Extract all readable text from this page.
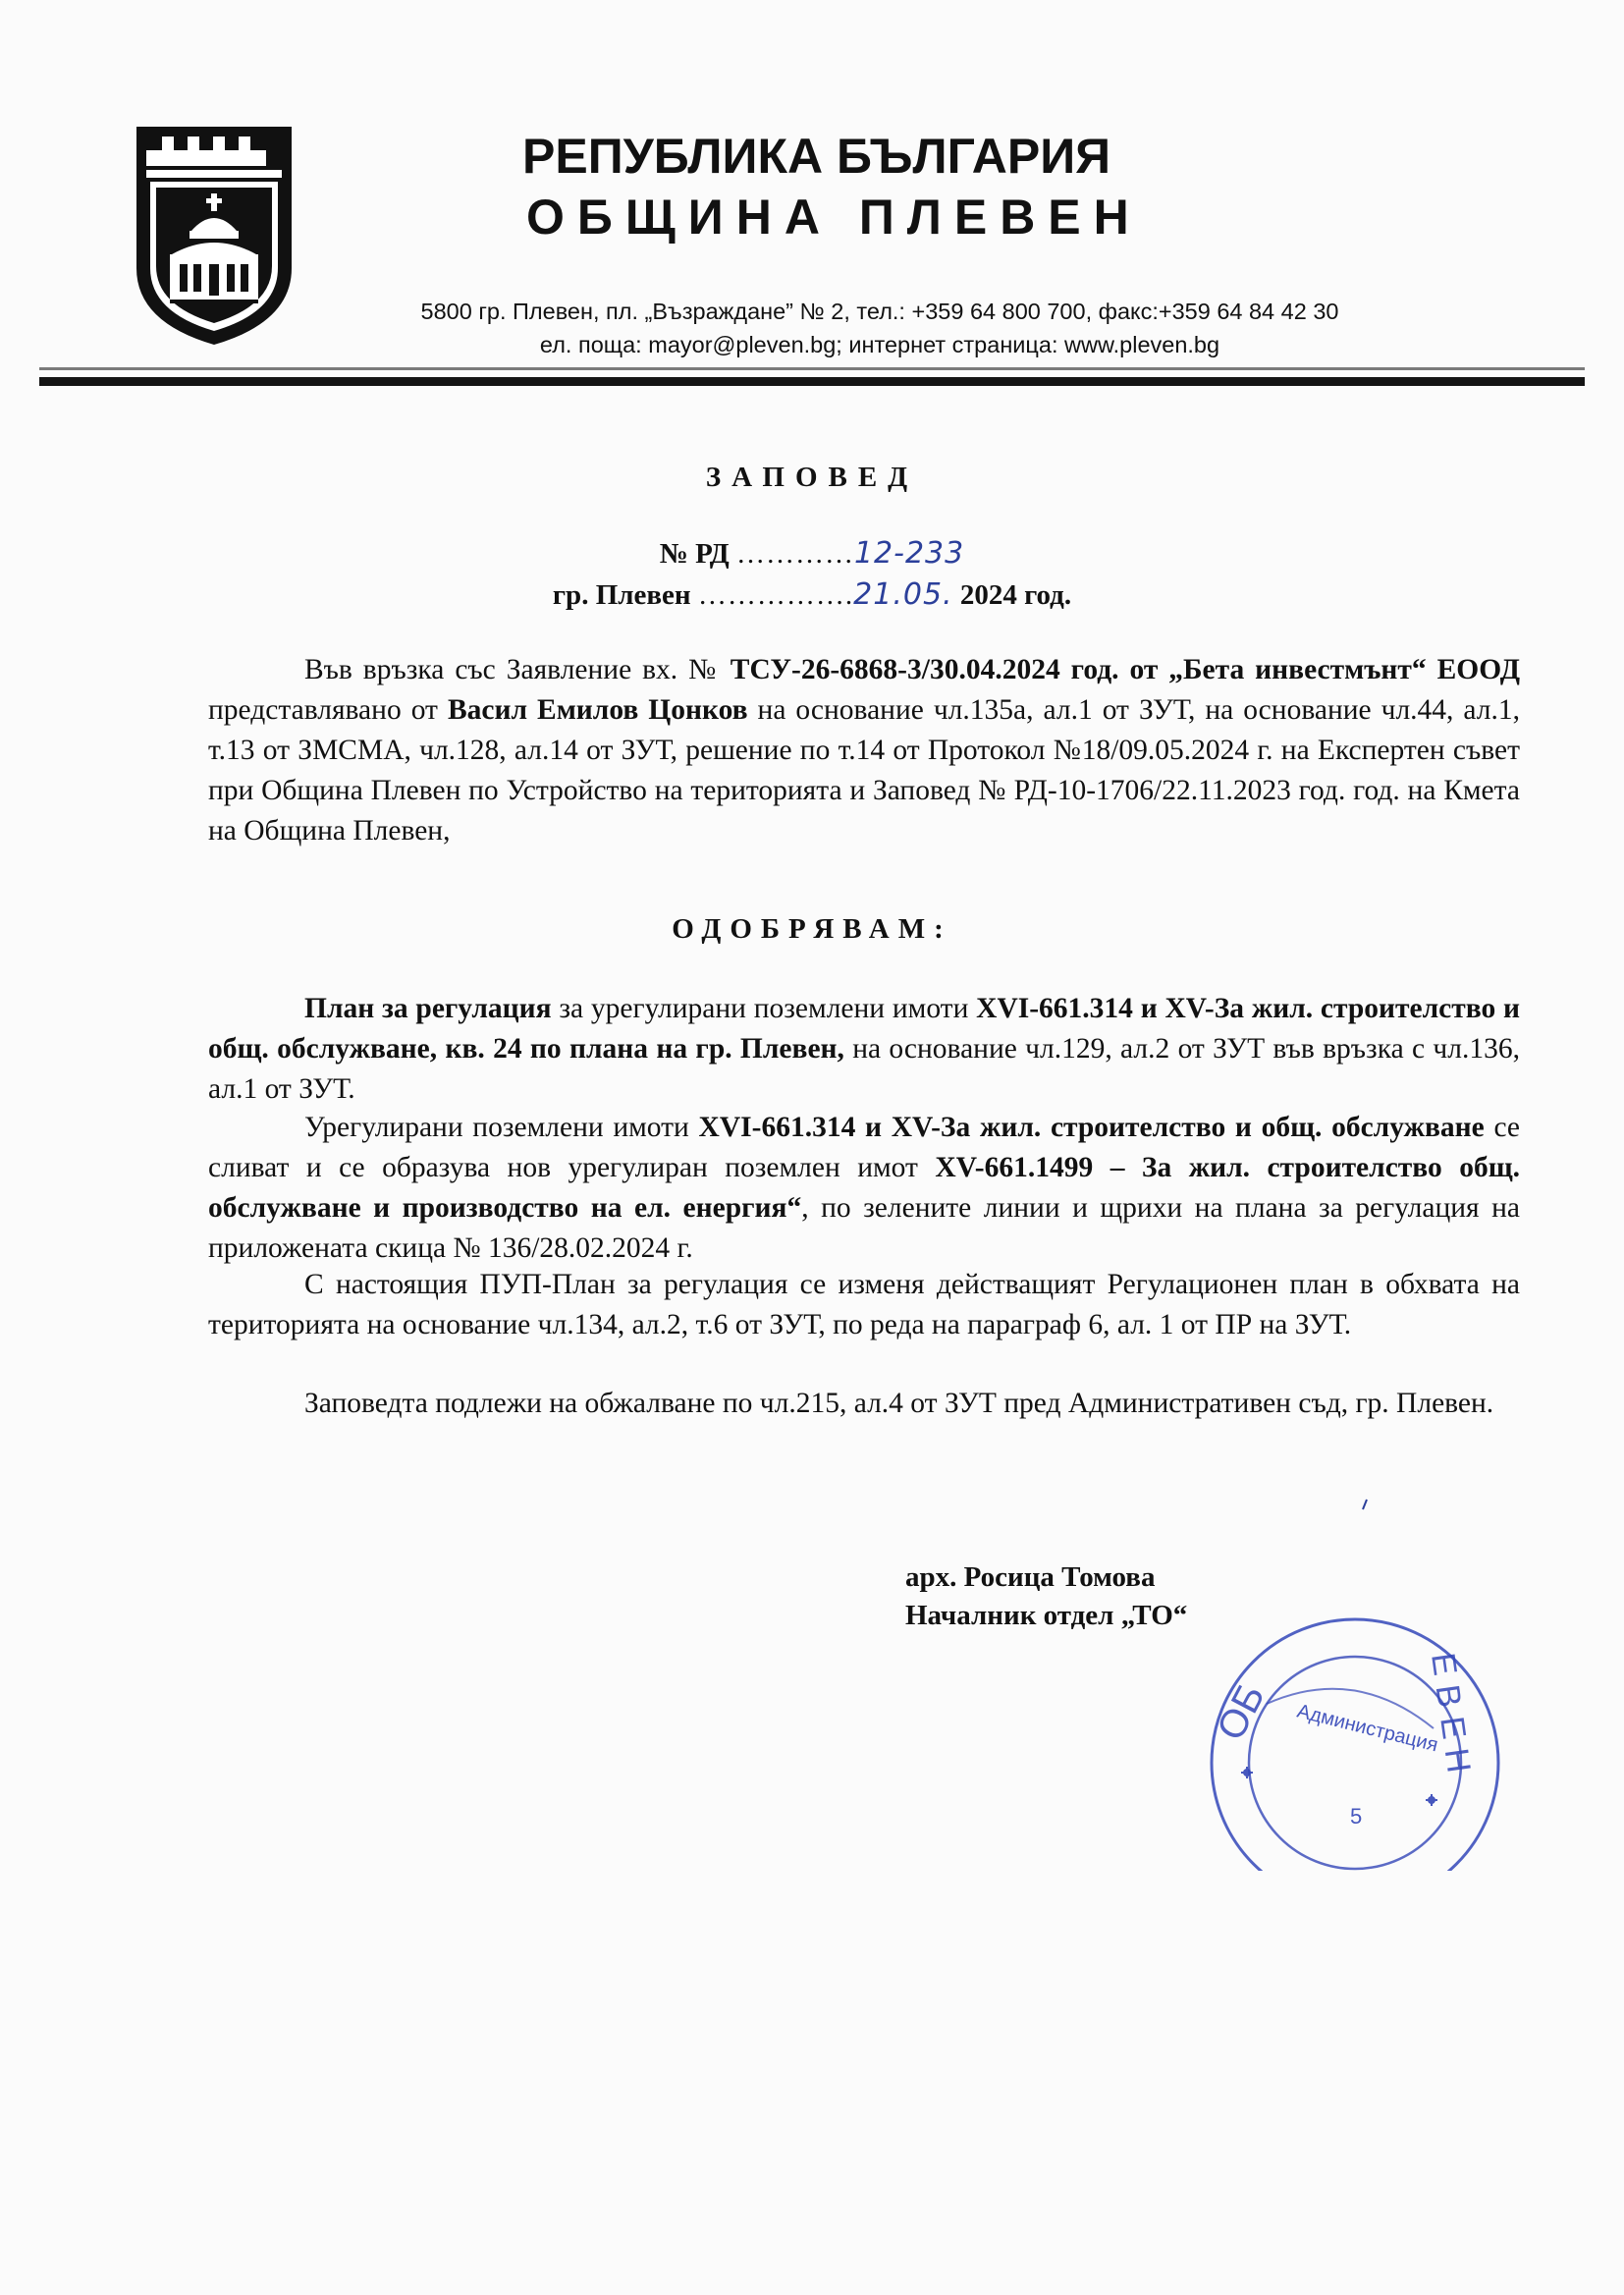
РЕПУБЛИКА БЪЛГАРИЯ
ОБЩИНА ПЛЕВЕН
5800 гр. Плевен, пл. „Възраждане” № 2, тел.: +359 64 800 700, факс:+359 64 84 42 30
ел. поща: mayor@pleven.bg; интернет страница: www.pleven.bg
ЗАПОВЕД
№ РД …………12-233
гр. Плевен …………….21.05. 2024 год.
Във връзка със Заявление вх. № ТСУ-26-6868-3/30.04.2024 год. от „Бета инвестмънт“ ЕООД представлявано от Васил Емилов Цонков на основание чл.135а, ал.1 от ЗУТ, на основание чл.44, ал.1, т.13 от ЗМСМА, чл.128, ал.14 от ЗУТ, решение по т.14 от Протокол №18/09.05.2024 г. на Експертен съвет при Община Плевен по Устройство на територията и Заповед № РД-10-1706/22.11.2023 год. год. на Кмета на Община Плевен,
ОДОБРЯВАМ:
План за регулация за урегулирани поземлени имоти XVI-661.314 и XV-За жил. строителство и общ. обслужване, кв. 24 по плана на гр. Плевен, на основание чл.129, ал.2 от ЗУТ във връзка с чл.136, ал.1 от ЗУТ.
Урегулирани поземлени имоти XVI-661.314 и XV-За жил. строителство и общ. обслужване се сливат и се образува нов урегулиран поземлен имот XV-661.1499 – За жил. строителство общ. обслужване и производство на ел. енергия“, по зелените линии и щрихи на плана за регулация на приложената скица № 136/28.02.2024 г.
С настоящия ПУП-План за регулация се изменя действащият Регулационен план в обхвата на територията на основание чл.134, ал.2, т.6 от ЗУТ, по реда на параграф 6, ал. 1 от ПР на ЗУТ.
Заповедта подлежи на обжалване по чл.215, ал.4 от ЗУТ пред Административен съд, гр. Плевен.
арх. Росица Томова
Началник отдел „ТО“
ОБ	ЕВЕН
Администрация
5
